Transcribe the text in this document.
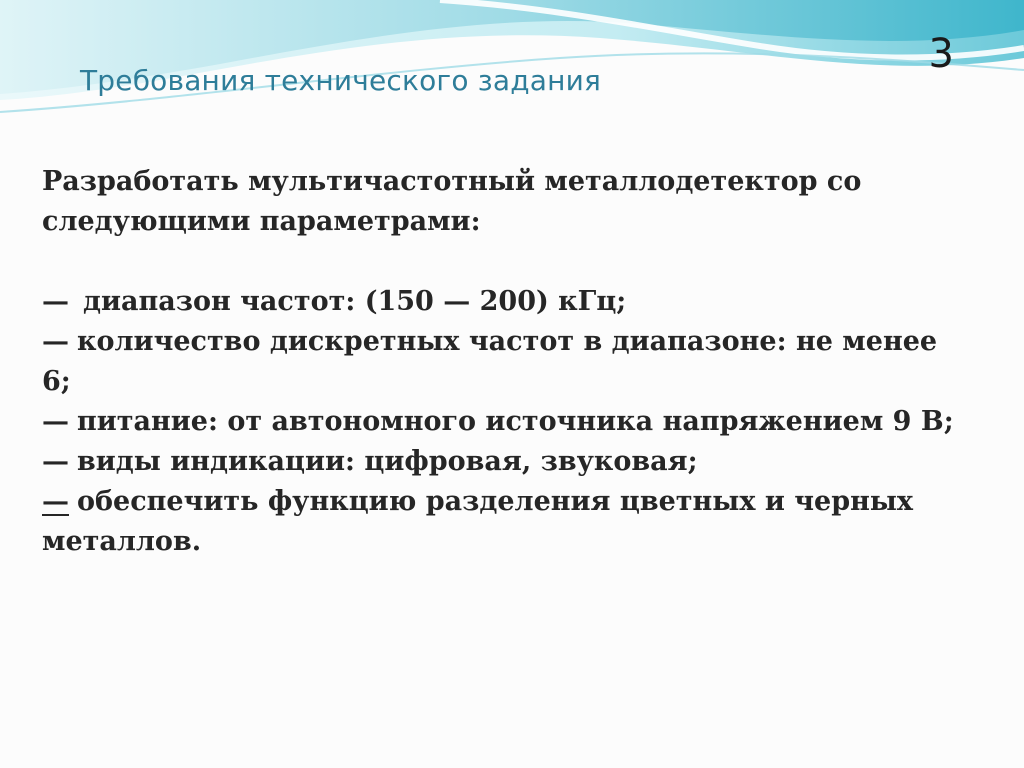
3
Требования технического задания

Разработать мультичастотный металлодетектор со следующими параметрами:

— диапазон частот: (150 — 200) кГц;
— количество дискретных частот в диапазоне: не менее 6;
— питание: от автономного источника напряжением 9 В;
— виды индикации: цифровая, звуковая;
— обеспечить функцию разделения цветных и черных металлов.
